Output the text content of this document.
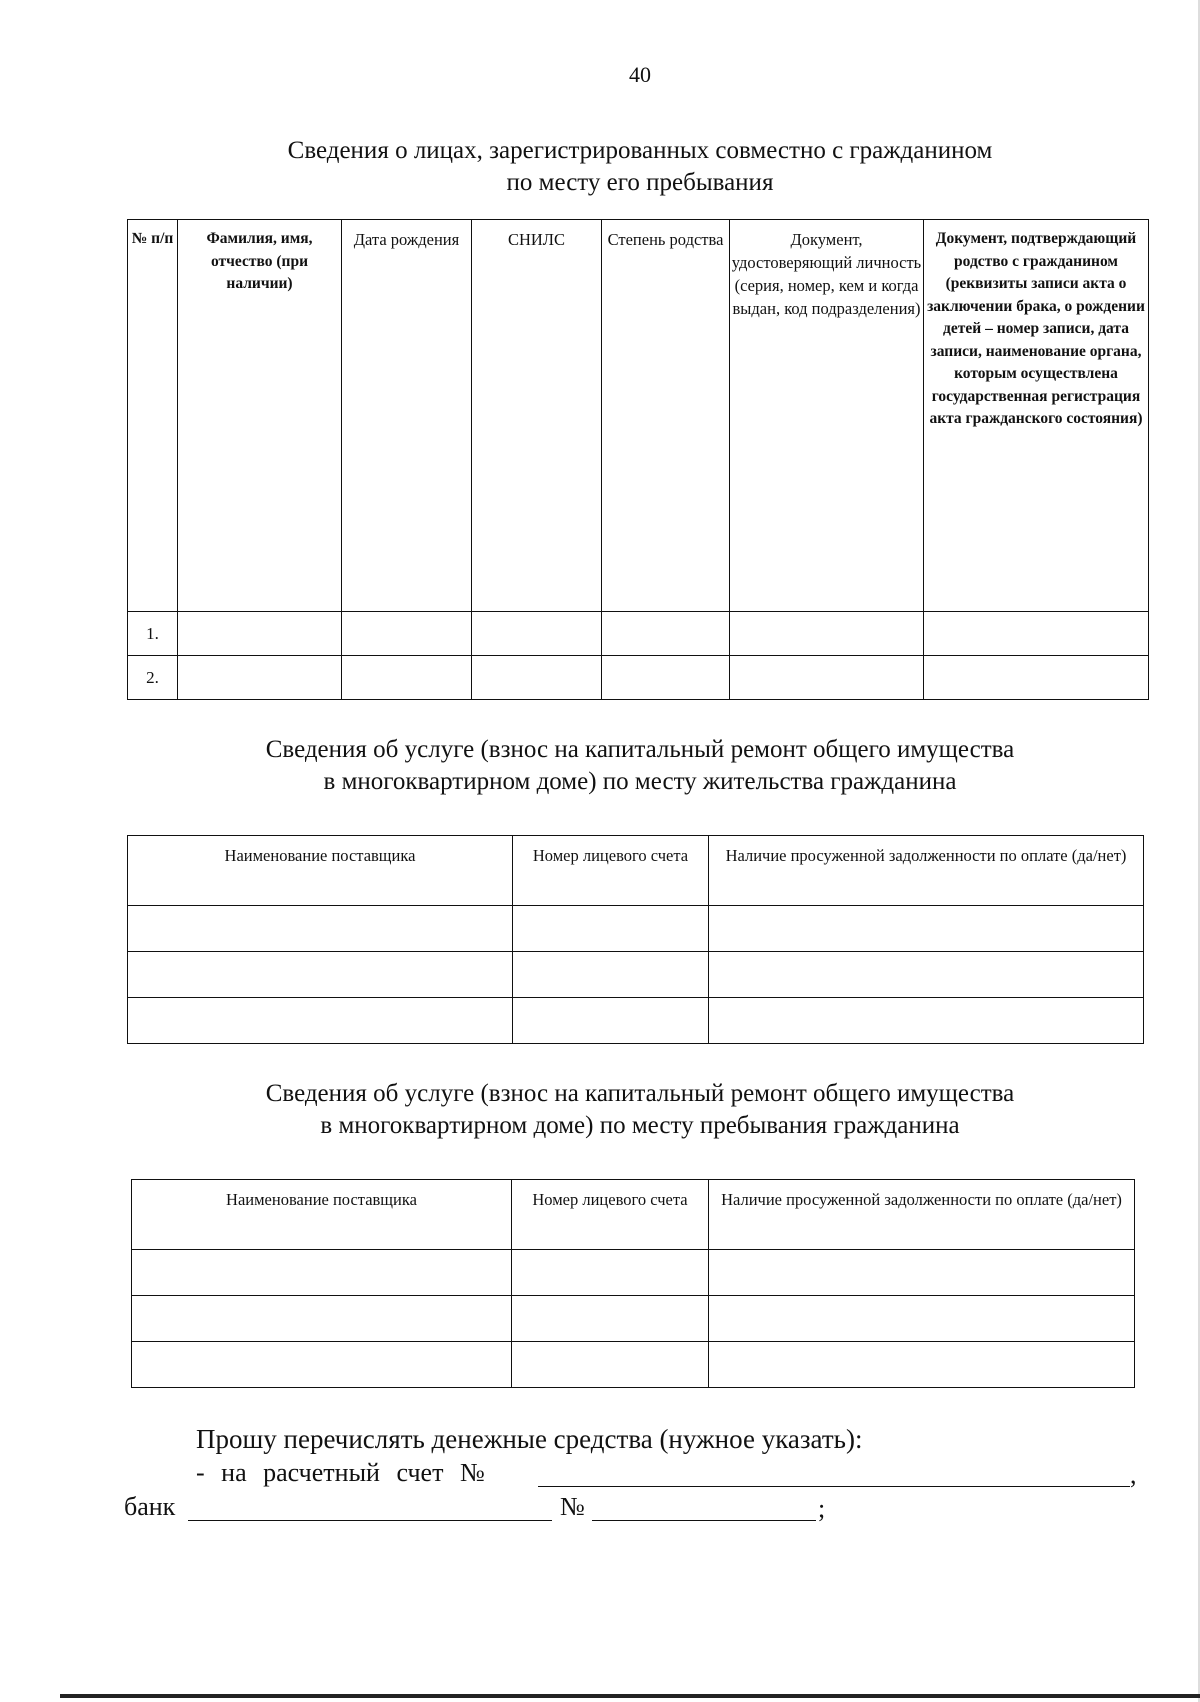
40
Сведения о лицах, зарегистрированных совместно с гражданином
по месту его пребывания
№ п/п	Фамилия, имя, отчество (при наличии)	Дата рождения	СНИЛС	Степень родства	Документ, удостоверяющий личность (серия, номер, кем и когда выдан, код подразделения)	Документ, подтверждающий родство с гражданином (реквизиты записи акта о заключении брака, о рождении детей – номер записи, дата записи, наименование органа, которым осуществлена государственная регистрация акта гражданского состояния)
1.						
2.						
Сведения об услуге (взнос на капитальный ремонт общего имущества
в многоквартирном доме) по месту жительства гражданина
Наименование поставщика	Номер лицевого счета	Наличие просуженной задолженности по оплате (да/нет)

Сведения об услуге (взнос на капитальный ремонт общего имущества
в многоквартирном доме) по месту пребывания гражданина
Наименование поставщика	Номер лицевого счета	Наличие просуженной задолженности по оплате (да/нет)

Прошу перечислять денежные средства (нужное указать):
- на расчетный счет №	,
банк	№	;
